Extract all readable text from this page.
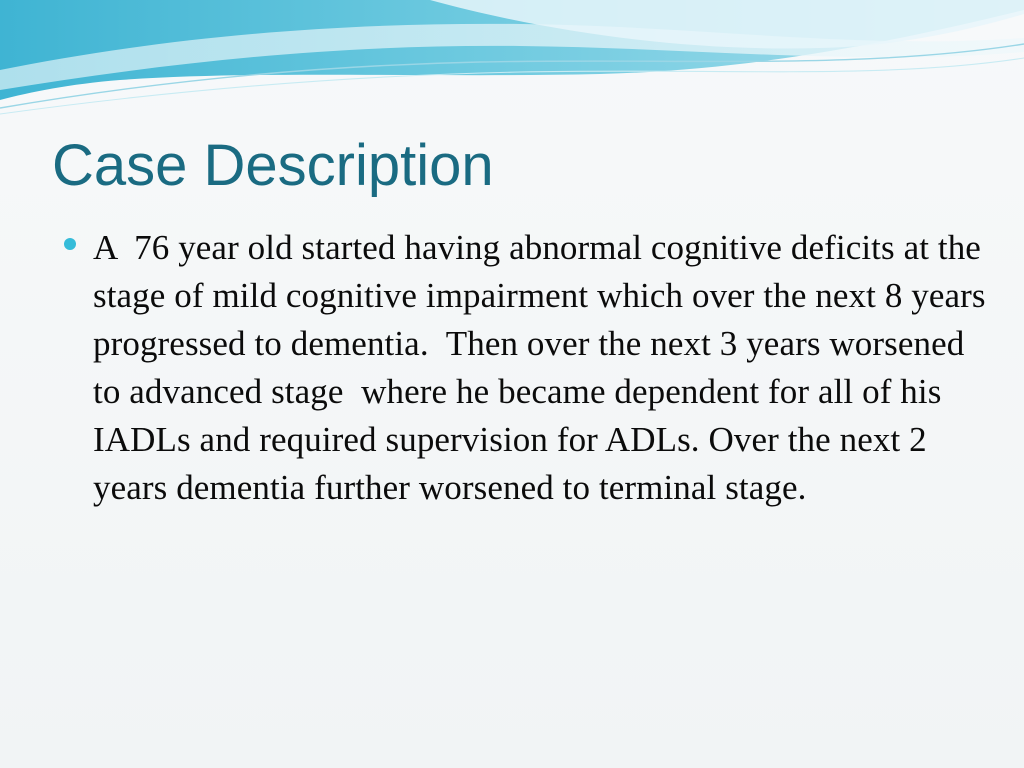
Case Description
A  76 year old started having abnormal cognitive deficits at the stage of mild cognitive impairment which over the next 8 years progressed to dementia.  Then over the next 3 years worsened to advanced stage  where he became dependent for all of his IADLs and required supervision for ADLs. Over the next 2 years dementia further worsened to terminal stage.
